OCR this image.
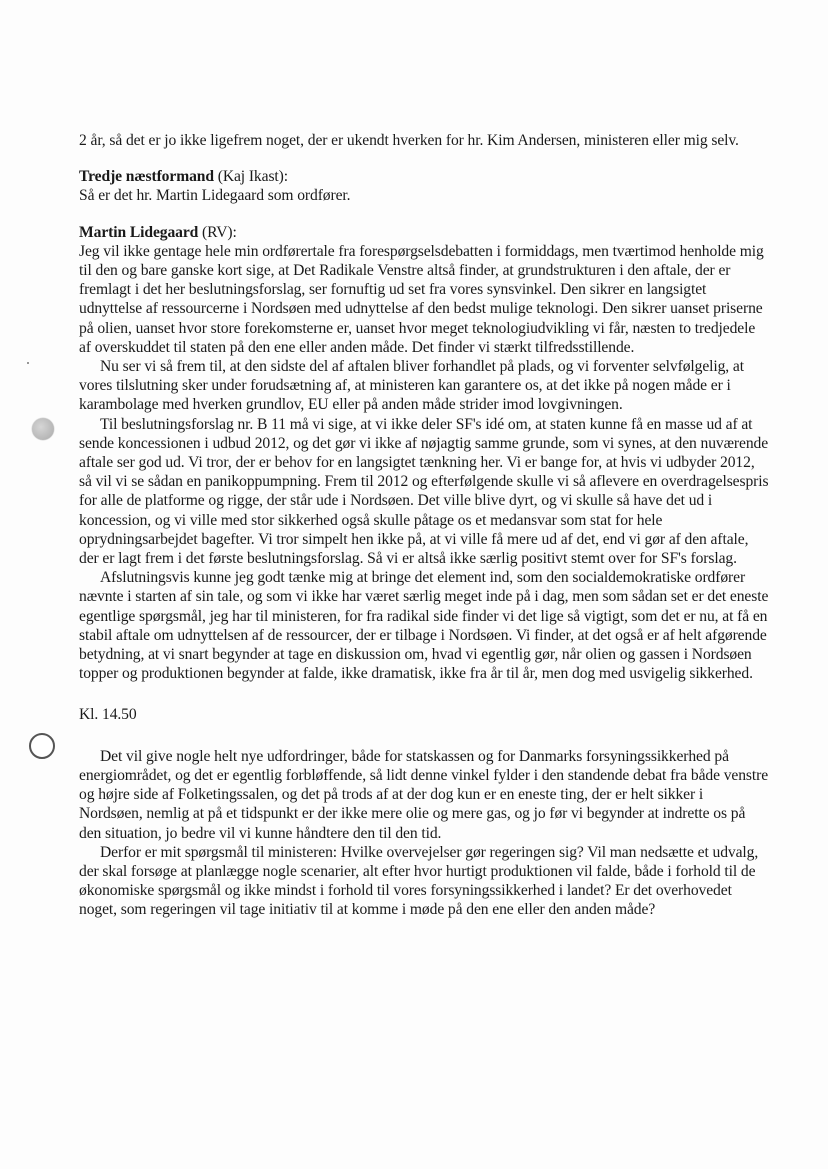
2 år, så det er jo ikke ligefrem noget, der er ukendt hverken for hr. Kim Andersen, ministeren eller mig selv.

Tredje næstformand (Kaj Ikast):

Så er det hr. Martin Lidegaard som ordfører.

Martin Lidegaard (RV):

Jeg vil ikke gentage hele min ordførertale fra forespørgselsdebatten i formiddags, men tværtimod henholde mig til den og bare ganske kort sige, at Det Radikale Venstre altså finder, at grundstrukturen i den aftale, der er fremlagt i det her beslutningsforslag, ser fornuftig ud set fra vores synsvinkel. Den sikrer en langsigtet udnyttelse af ressourcerne i Nordsøen med udnyttelse af den bedst mulige teknologi. Den sikrer uanset priserne på olien, uanset hvor store forekomsterne er, uanset hvor meget teknologiudvikling vi får, næsten to tredjedele af overskuddet til staten på den ene eller anden måde. Det finder vi stærkt tilfredsstillende.

Nu ser vi så frem til, at den sidste del af aftalen bliver forhandlet på plads, og vi forventer selvfølgelig, at vores tilslutning sker under forudsætning af, at ministeren kan garantere os, at det ikke på nogen måde er i karambolage med hverken grundlov, EU eller på anden måde strider imod lovgivningen.

Til beslutningsforslag nr. B 11 må vi sige, at vi ikke deler SF's idé om, at staten kunne få en masse ud af at sende koncessionen i udbud 2012, og det gør vi ikke af nøjagtig samme grunde, som vi synes, at den nuværende aftale ser god ud. Vi tror, der er behov for en langsigtet tænkning her. Vi er bange for, at hvis vi udbyder 2012, så vil vi se sådan en panikoppumpning. Frem til 2012 og efterfølgende skulle vi så aflevere en overdragelsespris for alle de platforme og rigge, der står ude i Nordsøen. Det ville blive dyrt, og vi skulle så have det ud i koncession, og vi ville med stor sikkerhed også skulle påtage os et medansvar som stat for hele oprydningsarbejdet bagefter. Vi tror simpelt hen ikke på, at vi ville få mere ud af det, end vi gør af den aftale, der er lagt frem i det første beslutningsforslag. Så vi er altså ikke særlig positivt stemt over for SF's forslag.

Afslutningsvis kunne jeg godt tænke mig at bringe det element ind, som den socialdemokratiske ordfører nævnte i starten af sin tale, og som vi ikke har været særlig meget inde på i dag, men som sådan set er det eneste egentlige spørgsmål, jeg har til ministeren, for fra radikal side finder vi det lige så vigtigt, som det er nu, at få en stabil aftale om udnyttelsen af de ressourcer, der er tilbage i Nordsøen. Vi finder, at det også er af helt afgørende betydning, at vi snart begynder at tage en diskussion om, hvad vi egentlig gør, når olien og gassen i Nordsøen topper og produktionen begynder at falde, ikke dramatisk, ikke fra år til år, men dog med usvigelig sikkerhed.

Kl. 14.50

Det vil give nogle helt nye udfordringer, både for statskassen og for Danmarks forsyningssikkerhed på energiområdet, og det er egentlig forbløffende, så lidt denne vinkel fylder i den standende debat fra både venstre og højre side af Folketingssalen, og det på trods af at der dog kun er en eneste ting, der er helt sikker i Nordsøen, nemlig at på et tidspunkt er der ikke mere olie og mere gas, og jo før vi begynder at indrette os på den situation, jo bedre vil vi kunne håndtere den til den tid.

Derfor er mit spørgsmål til ministeren: Hvilke overvejelser gør regeringen sig? Vil man nedsætte et udvalg, der skal forsøge at planlægge nogle scenarier, alt efter hvor hurtigt produktionen vil falde, både i forhold til de økonomiske spørgsmål og ikke mindst i forhold til vores forsyningssikkerhed i landet? Er det overhovedet noget, som regeringen vil tage initiativ til at komme i møde på den ene eller den anden måde?
